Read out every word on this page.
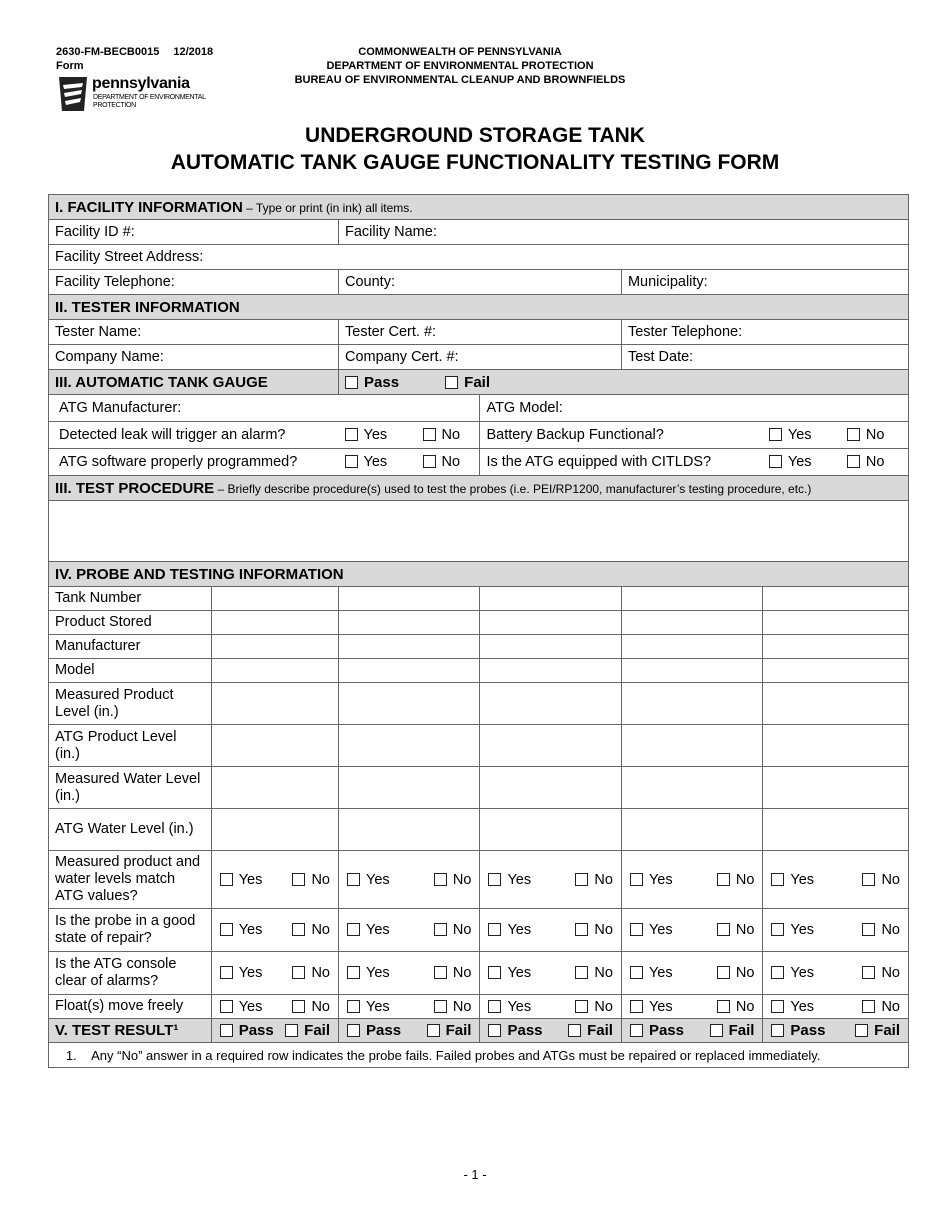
2630-FM-BECB0015 12/2018
Form
pennsylvania
DEPARTMENT OF ENVIRONMENTAL
PROTECTION
COMMONWEALTH OF PENNSYLVANIA
DEPARTMENT OF ENVIRONMENTAL PROTECTION
BUREAU OF ENVIRONMENTAL CLEANUP AND BROWNFIELDS
UNDERGROUND STORAGE TANK
AUTOMATIC TANK GAUGE FUNCTIONALITY TESTING FORM
I. FACILITY INFORMATION – Type or print (in ink) all items.					
Facility ID #:		Facility Name:			
Facility Street Address:					
Facility Telephone:		County:		Municipality:	
II. TESTER INFORMATION					
Tester Name:		Tester Cert. #:		Tester Telephone:	
Company Name:		Company Cert. #:		Test Date:	
III. AUTOMATIC TANK GAUGE		Pass Fail			
ATG Manufacturer:			ATG Model:		
Detected leak will trigger an alarm?		Yes No	Battery Backup Functional?		Yes No
ATG software properly programmed?		Yes No	Is the ATG equipped with CITLDS?		Yes No
III. TEST PROCEDURE – Briefly describe procedure(s) used to test the probes (i.e. PEI/RP1200, manufacturer’s testing procedure, etc.)					

IV. PROBE AND TESTING INFORMATION					
Tank Number					
Product Stored					
Manufacturer					
Model					
Measured Product Level (in.)					
ATG Product Level (in.)					
Measured Water Level (in.)					
ATG Water Level (in.)					
Measured product and water levels match ATG values?	Yes No	Yes No	Yes No	Yes No	Yes No

Is the probe in a good state of repair?	Yes No	Yes No	Yes No	Yes No	Yes No

Is the ATG console clear of alarms?	Yes No	Yes No	Yes No	Yes No	Yes No

Float(s) move freely	Yes No	Yes No	Yes No	Yes No	Yes No

V. TEST RESULT¹	Pass Fail	Pass Fail	Pass Fail	Pass Fail	Pass Fail

1. Any “No” answer in a required row indicates the probe fails. Failed probes and ATGs must be repaired or replaced immediately.					
- 1 -
